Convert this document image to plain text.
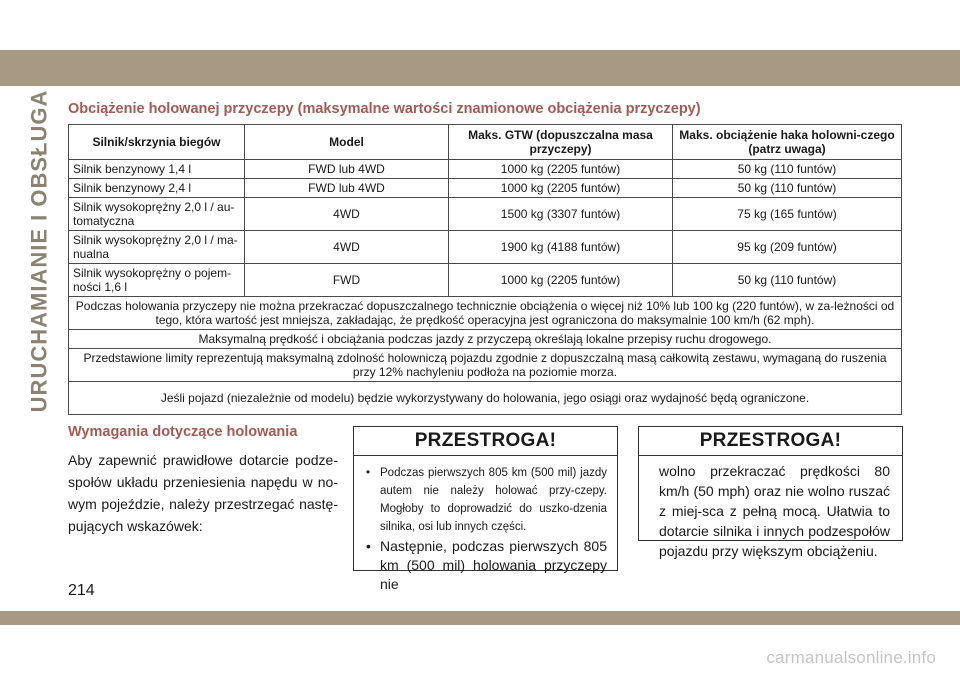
URUCHAMIANIE I OBSŁUGA Obciążenie holowanej przyczepy (maksymalne wartości znamionowe obciążenia przyczepy)
Silnik/skrzynia biegów	Model	Maks. GTW (dopuszczalna masa przyczepy)	Maks. obciążenie haka holowni-czego (patrz uwaga)
Silnik benzynowy 1,4 l	FWD lub 4WD	1000 kg (2205 funtów)	50 kg (110 funtów)
Silnik benzynowy 2,4 l	FWD lub 4WD	1000 kg (2205 funtów)	50 kg (110 funtów)
Silnik wysokoprężny 2,0 l / au-tomatyczna	4WD	1500 kg (3307 funtów)	75 kg (165 funtów)
Silnik wysokoprężny 2,0 l / ma-nualna	4WD	1900 kg (4188 funtów)	95 kg (209 funtów)
Silnik wysokoprężny o pojem-ności 1,6 l	FWD	1000 kg (2205 funtów)	50 kg (110 funtów)
Podczas holowania przyczepy nie można przekraczać dopuszczalnego technicznie obciążenia o więcej niż 10% lub 100 kg (220 funtów), w za-leżności od tego, która wartość jest mniejsza, zakładając, że prędkość operacyjna jest ograniczona do maksymalnie 100 km/h (62 mph).			
Maksymalną prędkość i obciążania podczas jazdy z przyczepą określają lokalne przepisy ruchu drogowego.			
Przedstawione limity reprezentują maksymalną zdolność holowniczą pojazdu zgodnie z dopuszczalną masą całkowitą zestawu, wymaganą do ruszenia przy 12% nachyleniu podłoża na poziomie morza.			
Jeśli pojazd (niezależnie od modelu) będzie wykorzystywany do holowania, jego osiągi oraz wydajność będą ograniczone.			
Wymagania dotyczące holowania
Aby zapewnić prawidłowe dotarcie podze-społów układu przeniesienia napędu w no-wym pojeździe, należy przestrzegać nastę-pujących wskazówek:
PRZESTROGA!
• Podczas pierwszych 805 km (500 mil) jazdy autem nie należy holować przy-czepy. Mogłoby to doprowadzić do uszko-dzenia silnika, osi lub innych części.
• Następnie, podczas pierwszych 805 km (500 mil) holowania przyczepy nie
PRZESTROGA!
wolno przekraczać prędkości 80 km/h (50 mph) oraz nie wolno ruszać z miej-sca z pełną mocą. Ułatwia to dotarcie silnika i innych podzespołów pojazdu przy większym obciążeniu.
214
carmanualsonline.info
